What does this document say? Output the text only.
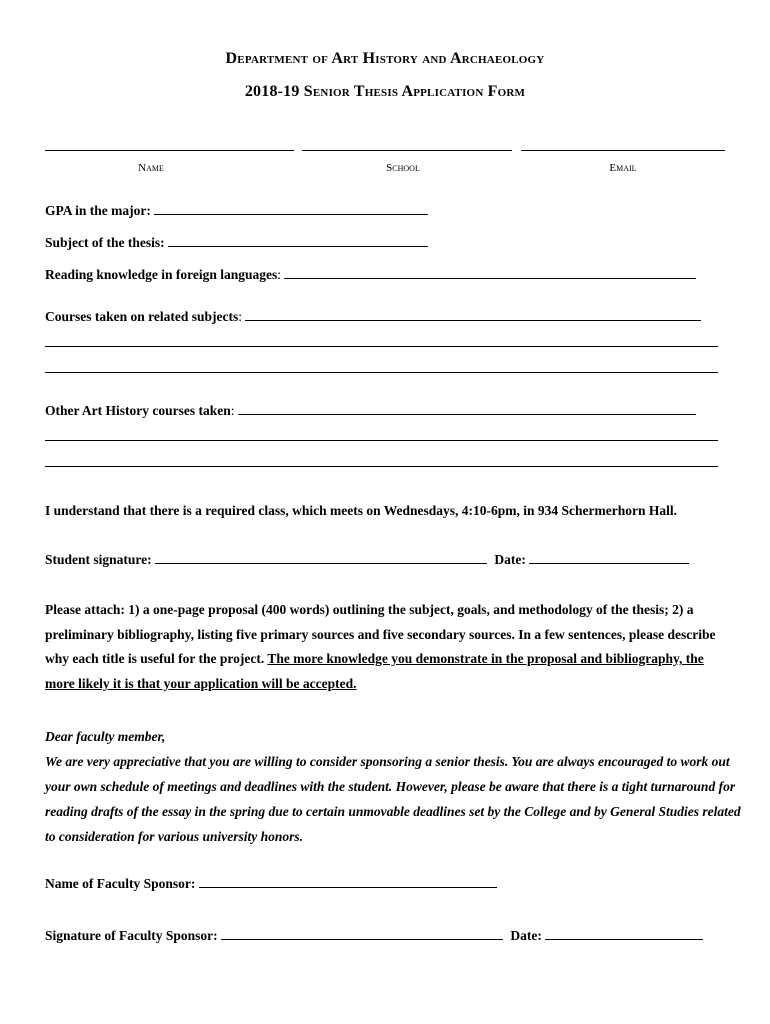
Department of Art History and Archaeology
2018-19 Senior Thesis Application Form
Name	School	Email
GPA in the major:
Subject of the thesis:
Reading knowledge in foreign languages:
Courses taken on related subjects:
Other Art History courses taken:
I understand that there is a required class, which meets on Wednesdays, 4:10-6pm, in 934 Schermerhorn Hall.
Student signature:	Date:
Please attach: 1) a one-page proposal (400 words) outlining the subject, goals, and methodology of the thesis; 2) a preliminary bibliography, listing five primary sources and five secondary sources. In a few sentences, please describe why each title is useful for the project. The more knowledge you demonstrate in the proposal and bibliography, the more likely it is that your application will be accepted.

Dear faculty member,

We are very appreciative that you are willing to consider sponsoring a senior thesis. You are always encouraged to work out your own schedule of meetings and deadlines with the student. However, please be aware that there is a tight turnaround for reading drafts of the essay in the spring due to certain unmovable deadlines set by the College and by General Studies related to consideration for various university honors.

Name of Faculty Sponsor:
Signature of Faculty Sponsor:	Date:
